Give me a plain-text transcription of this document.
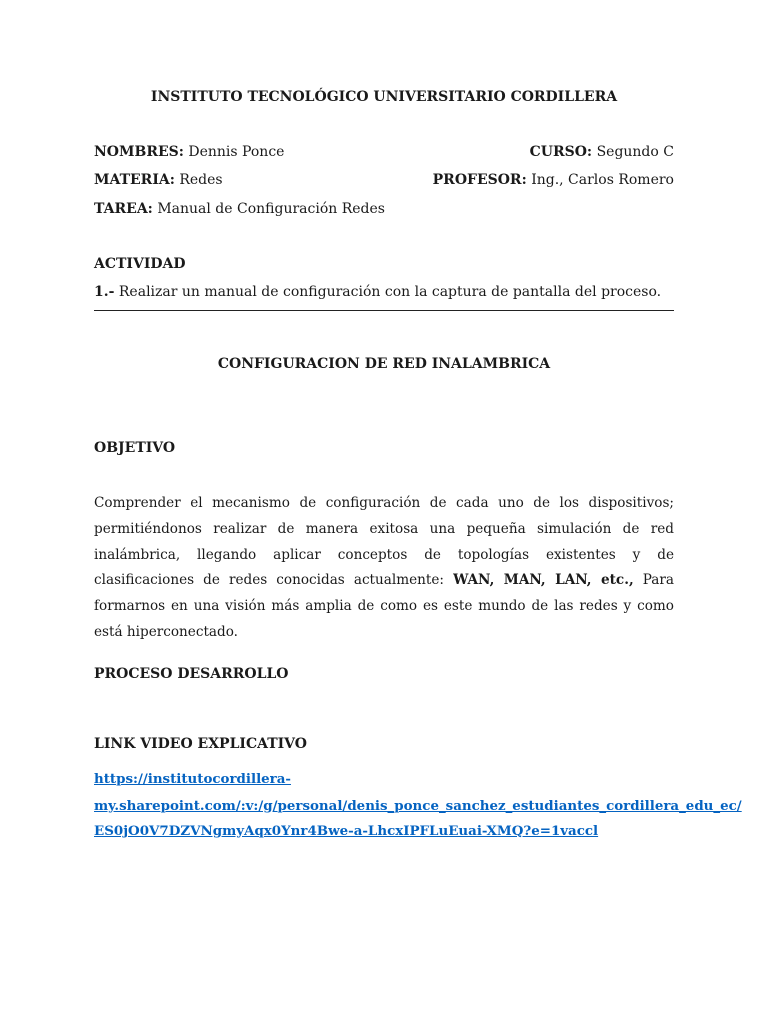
INSTITUTO TECNOLÓGICO UNIVERSITARIO CORDILLERA
NOMBRES: Dennis Ponce	CURSO: Segundo C
MATERIA: Redes	PROFESOR: Ing., Carlos Romero
TAREA: Manual de Configuración Redes
ACTIVIDAD
1.- Realizar un manual de configuración con la captura de pantalla del proceso.
CONFIGURACION DE RED INALAMBRICA
OBJETIVO
Comprender el mecanismo de configuración de cada uno de los dispositivos; permitiéndonos realizar de manera exitosa una pequeña simulación de red inalámbrica, llegando aplicar conceptos de topologías existentes y de clasificaciones de redes conocidas actualmente: WAN, MAN, LAN, etc., Para formarnos en una visión más amplia de como es este mundo de las redes y como está hiperconectado.
PROCESO DESARROLLO
LINK VIDEO EXPLICATIVO
https://institutocordillera-
my.sharepoint.com/:v:/g/personal/denis_ponce_sanchez_estudiantes_cordillera_edu_ec/
ES0jO0V7DZVNgmyAqx0Ynr4Bwe-a-LhcxIPFLuEuai-XMQ?e=1vaccl
